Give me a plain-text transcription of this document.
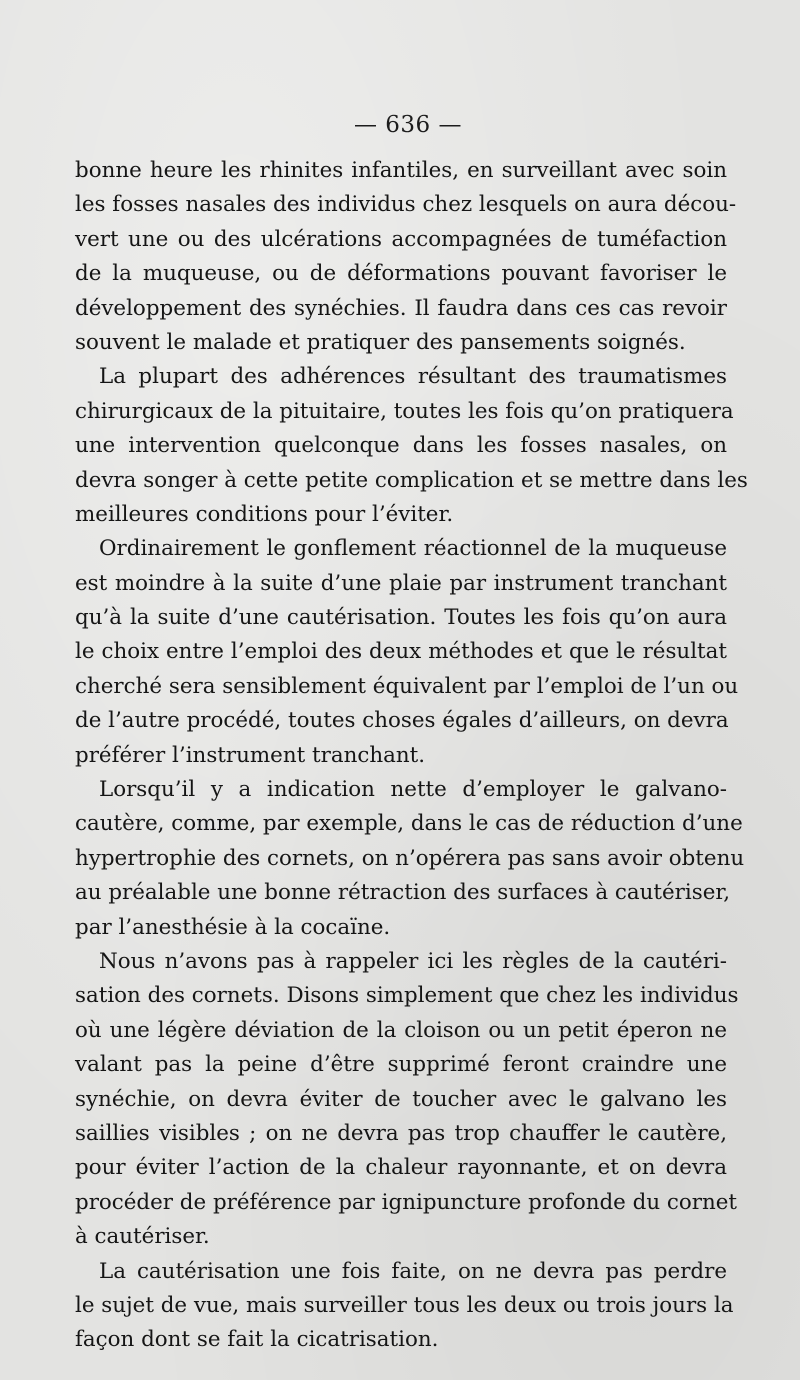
— 636 —
bonne heure les rhinites infantiles, en surveillant avec soin
les fosses nasales des individus chez lesquels on aura décou-
vert une ou des ulcérations accompagnées de tuméfaction
de la muqueuse, ou de déformations pouvant favoriser le
développement des synéchies. Il faudra dans ces cas revoir
souvent le malade et pratiquer des pansements soignés.
La plupart des adhérences résultant des traumatismes
chirurgicaux de la pituitaire, toutes les fois qu’on pratiquera
une intervention quelconque dans les fosses nasales, on
devra songer à cette petite complication et se mettre dans les
meilleures conditions pour l’éviter.
Ordinairement le gonflement réactionnel de la muqueuse
est moindre à la suite d’une plaie par instrument tranchant
qu’à la suite d’une cautérisation. Toutes les fois qu’on aura
le choix entre l’emploi des deux méthodes et que le résultat
cherché sera sensiblement équivalent par l’emploi de l’un ou
de l’autre procédé, toutes choses égales d’ailleurs, on devra
préférer l’instrument tranchant.
Lorsqu’il y a indication nette d’employer le galvano-
cautère, comme, par exemple, dans le cas de réduction d’une
hypertrophie des cornets, on n’opérera pas sans avoir obtenu
au préalable une bonne rétraction des surfaces à cautériser,
par l’anesthésie à la cocaïne.
Nous n’avons pas à rappeler ici les règles de la cautéri-
sation des cornets. Disons simplement que chez les individus
où une légère déviation de la cloison ou un petit éperon ne
valant pas la peine d’être supprimé feront craindre une
synéchie, on devra éviter de toucher avec le galvano les
saillies visibles ; on ne devra pas trop chauffer le cautère,
pour éviter l’action de la chaleur rayonnante, et on devra
procéder de préférence par ignipuncture profonde du cornet
à cautériser.
La cautérisation une fois faite, on ne devra pas perdre
le sujet de vue, mais surveiller tous les deux ou trois jours la
façon dont se fait la cicatrisation.
